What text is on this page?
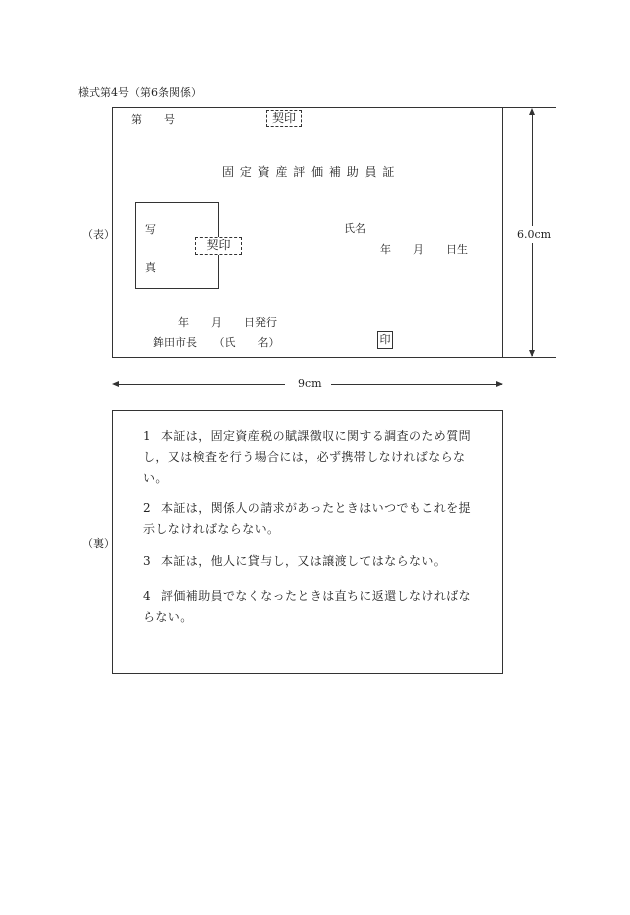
様式第4号（第6条関係）
（表）
第　　号	契印
固 定 資 産 評 価 補 助 員 証
写
真
契印
氏名
年　　月　　日生
年　　月　　日発行
鉾田市長　　（氏　　名）	印
6.0cm
9cm
（裏）
1 本証は，固定資産税の賦課徴収に関する調査のため質問し，又は検査を行う場合には，必ず携帯しなければならない。
2 本証は，関係人の請求があったときはいつでもこれを提示しなければならない。
3 本証は，他人に貸与し，又は譲渡してはならない。
4 評価補助員でなくなったときは直ちに返還しなければならない。
